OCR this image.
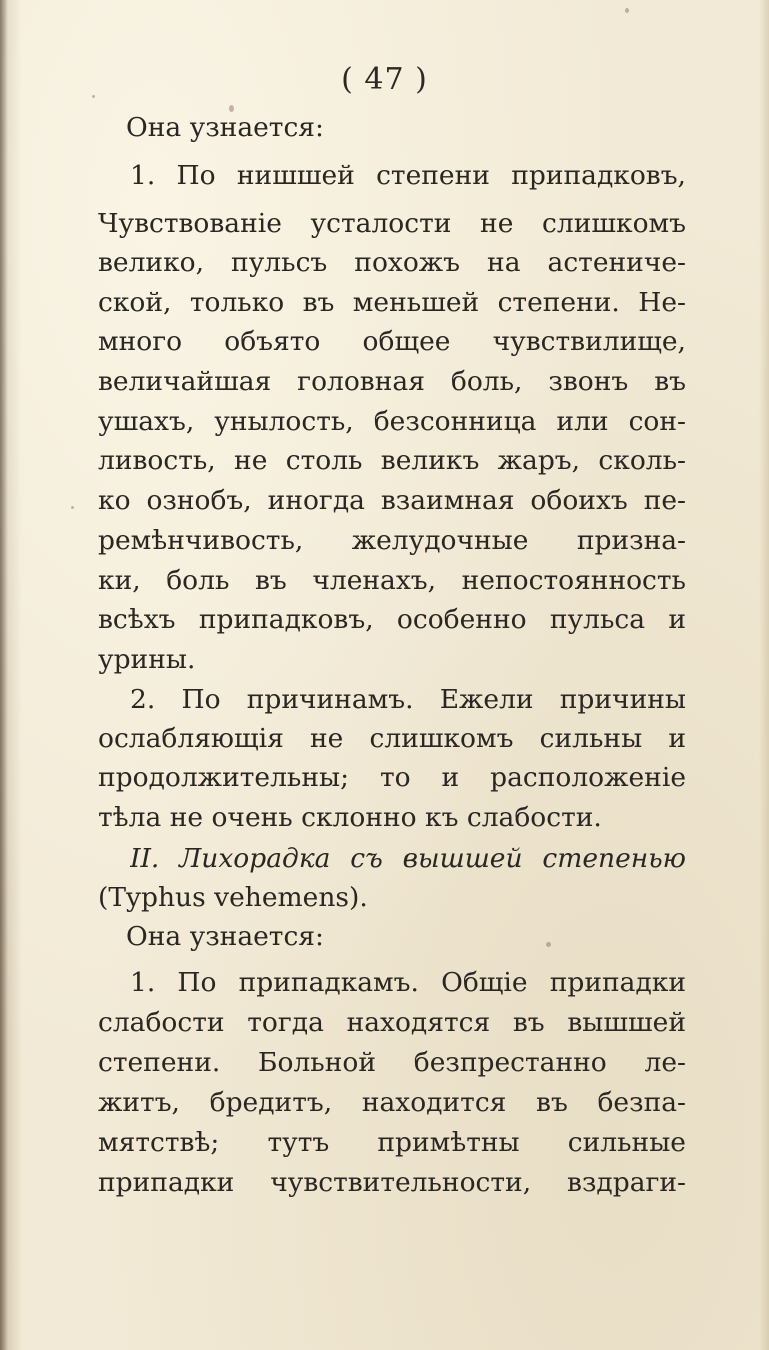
( 47 )
Она узнается:
1. По нишшей степени припадковъ,
Чувствованіе усталости не слишкомъ
велико, пульсъ похожъ на астениче-
ской, только въ меньшей степени. Не-
много объято общее чувствилище,
величайшая головная боль, звонъ въ
ушахъ, унылость, безсонница или сон-
ливость, не столь великъ жаръ, сколь-
ко ознобъ, иногда взаимная обоихъ пе-
ремѣнчивость, желудочные призна-
ки, боль въ членахъ, непостоянность
всѣхъ припадковъ, особенно пульса и
урины.
2. По причинамъ. Ежели причины
ослабляющія не слишкомъ сильны и
продолжительны; то и расположеніе
тѣла не очень склонно къ слабости.
II. Лихорадка съ вышшей степенью
(Typhus vehemens).
Она узнается:
1. По припадкамъ. Общіе припадки
слабости тогда находятся въ вышшей
степени. Больной безпрестанно ле-
житъ, бредитъ, находится въ безпа-
мятствѣ; тутъ примѣтны сильные
припадки чувствительности, вздраги-
